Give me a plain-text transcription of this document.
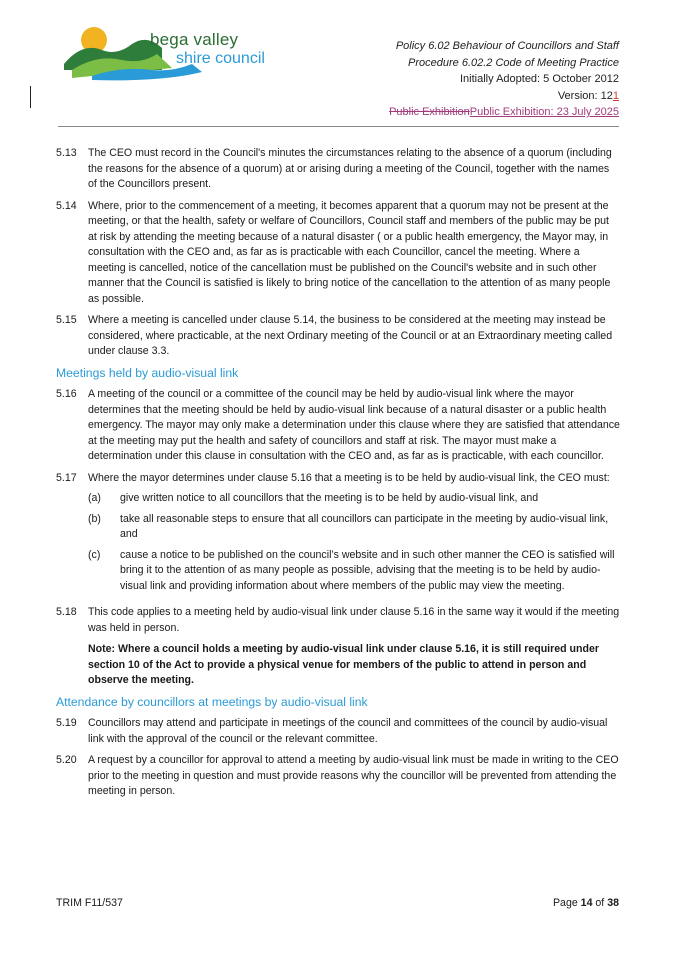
bega valley
shire council
Policy 6.02 Behaviour of Councillors and Staff
Procedure 6.02.2 Code of Meeting Practice
Initially Adopted: 5 October 2012
Version: 121
Public ExhibitionPublic Exhibition: 23 July 2025
5.13	The CEO must record in the Council's minutes the circumstances relating to the absence of a quorum (including the reasons for the absence of a quorum) at or arising during a meeting of the Council, together with the names of the Councillors present.
5.14	Where, prior to the commencement of a meeting, it becomes apparent that a quorum may not be present at the meeting, or that the health, safety or welfare of Councillors, Council staff and members of the public may be put at risk by attending the meeting because of a natural disaster ( or a public health emergency, the Mayor may, in consultation with the CEO and, as far as is practicable with each Councillor, cancel the meeting. Where a meeting is cancelled, notice of the cancellation must be published on the Council's website and in such other manner that the Council is satisfied is likely to bring notice of the cancellation to the attention of as many people as possible.
5.15	Where a meeting is cancelled under clause 5.14, the business to be considered at the meeting may instead be considered, where practicable, at the next Ordinary meeting of the Council or at an Extraordinary meeting called under clause 3.3.
Meetings held by audio-visual link
5.16	A meeting of the council or a committee of the council may be held by audio-visual link where the mayor determines that the meeting should be held by audio-visual link because of a natural disaster or a public health emergency. The mayor may only make a determination under this clause where they are satisfied that attendance at the meeting may put the health and safety of councillors and staff at risk. The mayor must make a determination under this clause in consultation with the CEO and, as far as is practicable, with each councillor.
5.17	Where the mayor determines under clause 5.16 that a meeting is to be held by audio-visual link, the CEO must:
(a)	give written notice to all councillors that the meeting is to be held by audio-visual link, and
(b)	take all reasonable steps to ensure that all councillors can participate in the meeting by audio-visual link, and
(c)	cause a notice to be published on the council’s website and in such other manner the CEO is satisfied will bring it to the attention of as many people as possible, advising that the meeting is to be held by audio-visual link and providing information about where members of the public may view the meeting.
5.18	This code applies to a meeting held by audio-visual link under clause 5.16 in the same way it would if the meeting was held in person.
Note: Where a council holds a meeting by audio-visual link under clause 5.16, it is still required under section 10 of the Act to provide a physical venue for members of the public to attend in person and observe the meeting.
Attendance by councillors at meetings by audio-visual link
5.19	Councillors may attend and participate in meetings of the council and committees of the council by audio-visual link with the approval of the council or the relevant committee.
5.20	A request by a councillor for approval to attend a meeting by audio-visual link must be made in writing to the CEO prior to the meeting in question and must provide reasons why the councillor will be prevented from attending the meeting in person.
TRIM F11/537	Page 14 of 38
